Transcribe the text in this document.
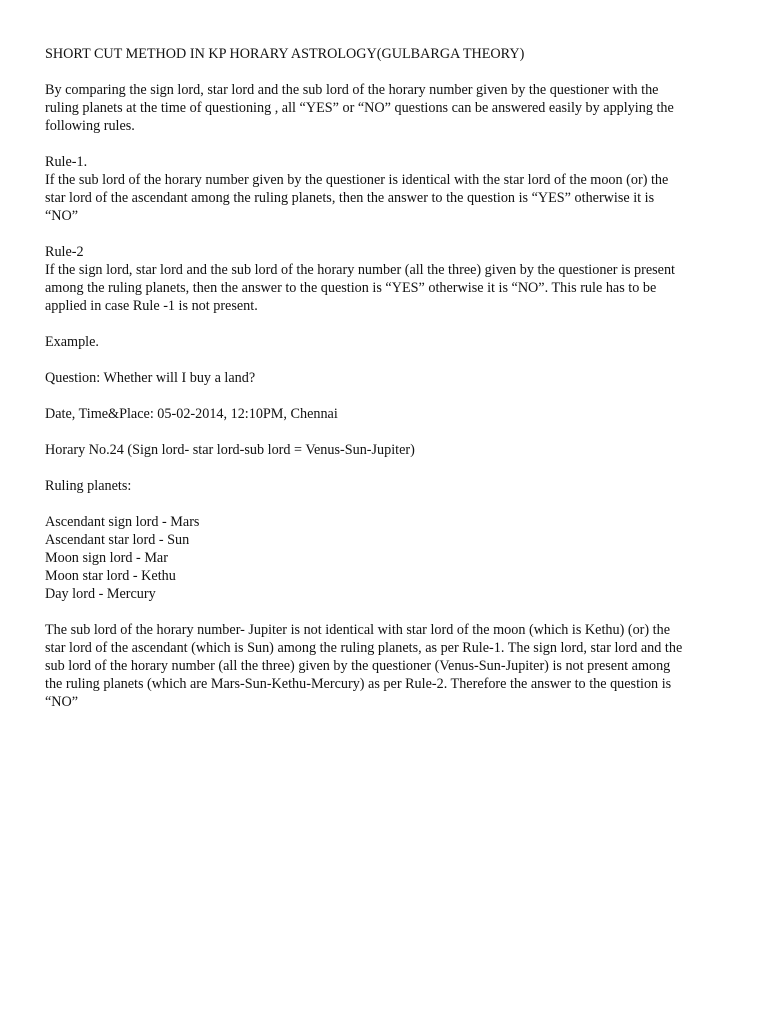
SHORT CUT METHOD IN KP HORARY ASTROLOGY(GULBARGA THEORY)

By comparing the sign lord, star lord and the sub lord of the horary number given by the questioner with the
ruling planets at the time of questioning , all “YES” or “NO” questions can be answered easily by applying the
following rules.

Rule-1.
If the sub lord of the horary number given by the questioner is identical with the star lord of the moon (or) the
star lord of the ascendant among the ruling planets, then the answer to the question is “YES” otherwise it is
“NO”

Rule-2
If the sign lord, star lord and the sub lord of the horary number (all the three) given by the questioner is present
among the ruling planets, then the answer to the question is “YES” otherwise it is “NO”. This rule has to be
applied in case Rule -1 is not present.

Example.

Question: Whether will I buy a land?

Date, Time&Place: 05-02-2014, 12:10PM, Chennai

Horary No.24 (Sign lord- star lord-sub lord = Venus-Sun-Jupiter)

Ruling planets:

Ascendant sign lord - Mars
Ascendant star lord - Sun
Moon sign lord - Mar
Moon star lord - Kethu
Day lord - Mercury

The sub lord of the horary number- Jupiter is not identical with star lord of the moon (which is Kethu) (or) the
star lord of the ascendant (which is Sun) among the ruling planets, as per Rule-1. The sign lord, star lord and the
sub lord of the horary number (all the three) given by the questioner (Venus-Sun-Jupiter) is not present among
the ruling planets (which are Mars-Sun-Kethu-Mercury) as per Rule-2. Therefore the answer to the question is
“NO”
